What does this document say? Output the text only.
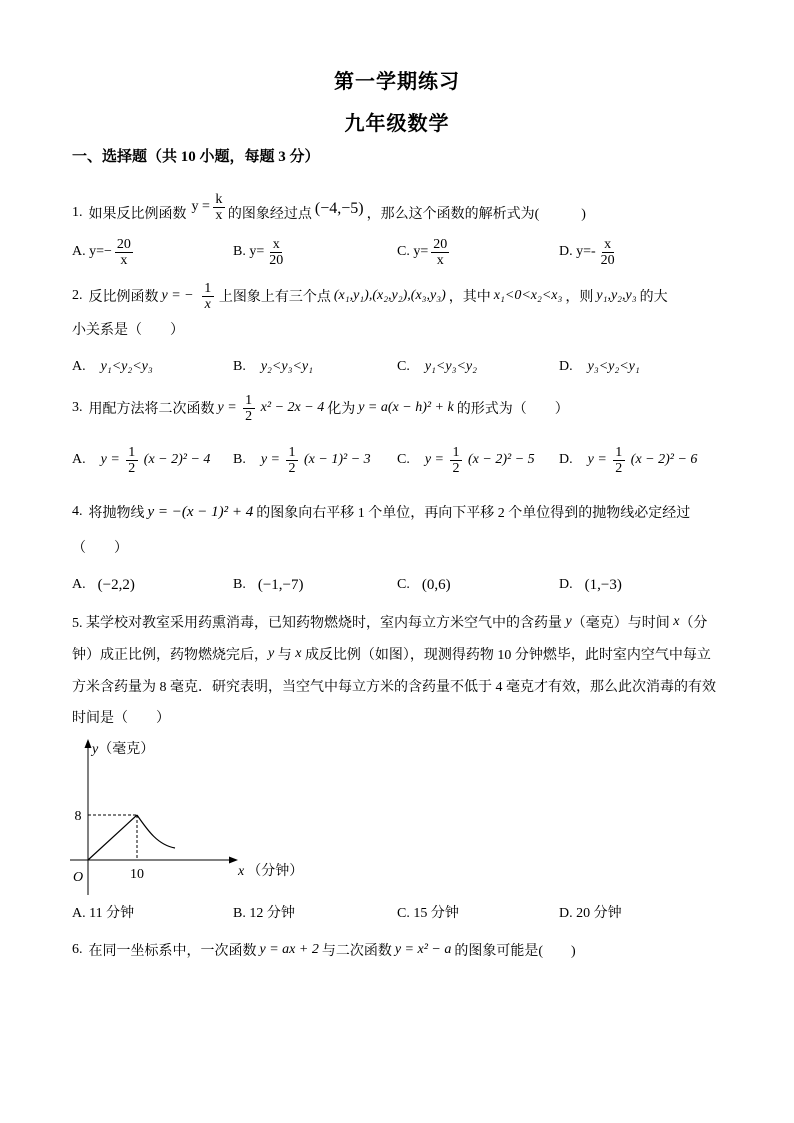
第一学期练习
九年级数学
一、选择题（共 10 小题，每题 3 分）
1. 如果反比例函数
$y = \frac{k}{x}$ 的图象经过点 (−4,−5) ，那么这个函数的解析式为(　　　)
A. $y=- \frac{20}{x}$	B. $y= \frac{x}{20}$	C. $y= \frac{20}{x}$	D. $y=- \frac{x}{20}$
2. 反比例函数 y = − $\frac{1}{x}$ 上图象上有三个点 (x₁,y₁),(x₂,y₂),(x₃,y₃) ，其中 x₁<0<x₂<x₃ ，则 y₁,y₂,y₃ 的大
小关系是（　　）
A. y₁<y₂<y₃	B. y₂<y₃<y₁	C. y₁<y₃<y₂	D. y₃<y₂<y₁
3. 用配方法将二次函数 $y = \frac{1}{2} x^2 - 2x - 4$ 化为 y = a(x − h)² + k 的形式为（　　）
A. $y = \frac{1}{2} (x - 2)^2 - 4$ B. $y = \frac{1}{2} (x - 1)^2 - 3$ C. $y = \frac{1}{2} (x - 2)^2 - 5$ D. $y = \frac{1}{2} (x - 2)^2 - 6$
4. 将抛物线 y = −(x − 1)² + 4 的图象向右平移 1 个单位，再向下平移 2 个单位得到的抛物线必定经过
（　　）
A. (−2,2)	B. (−1,−7)	C. (0,6)	D. (1,−3)
5. 某学校对教室采用药熏消毒，已知药物燃烧时，室内每立方米空气中的含药量 y （毫克）与时间 x （分
钟）成正比例，药物燃烧完后， y 与 x 成反比例（如图），现测得药物 10 分钟燃毕，此时室内空气中每立
方米含药量为 8 毫克．研究表明，当空气中每立方米的含药量不低于 4 毫克才有效，那么此次消毒的有效
时间是（　　）
8
10
O
y（毫克）
x （分钟）
A. 11 分钟	B. 12 分钟	C. 15 分钟	D. 20 分钟
6. 在同一坐标系中，一次函数 y = ax + 2 与二次函数 y = x² − a 的图象可能是(　　)
